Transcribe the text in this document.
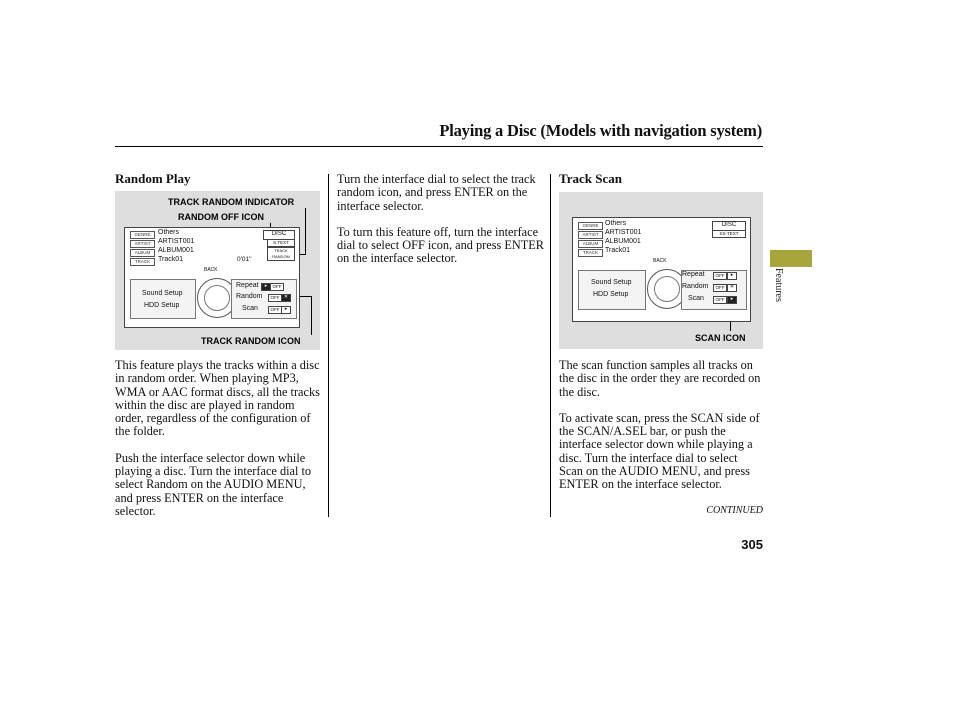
Playing a Disc (Models with navigation system)
Features
Random Play
TRACK RANDOM INDICATOR
RANDOM OFF ICON
TRACK RANDOM ICON
GENRE	Others
ARTIST	ARTIST001
ALBUM	ALBUM001
TRACK	Track01	0'01''
DISC
S.TEXT
TRACK RANDOM
BACK
Sound Setup
HDD Setup
Repeat	▸	OFF
Random	OFF ✕
Scan	OFF	▸

This feature plays the tracks within a disc in random order. When playing MP3, WMA or AAC format discs, all the tracks within the disc are played in random order, regardless of the configuration of the folder.

Push the interface selector down while playing a disc. Turn the interface dial to select Random on the AUDIO MENU, and press ENTER on the interface selector.

Turn the interface dial to select the track random icon, and press ENTER on the interface selector.

To turn this feature off, turn the interface dial to select OFF icon, and press ENTER on the interface selector.

Track Scan
SCAN ICON
GENRE Others
ARTIST ARTIST001
ALBUM ALBUM001
TRACK Track01
DISC
SS-TEXT
BACK
Sound Setup
HDD Setup
Repeat	OFF	▸
Random	OFF	✕
Scan	OFF	▸

The scan function samples all tracks on the disc in the order they are recorded on the disc.

To activate scan, press the SCAN side of the SCAN/A.SEL bar, or push the interface selector down while playing a disc. Turn the interface dial to select Scan on the AUDIO MENU, and press ENTER on the interface selector.

CONTINUED
305
